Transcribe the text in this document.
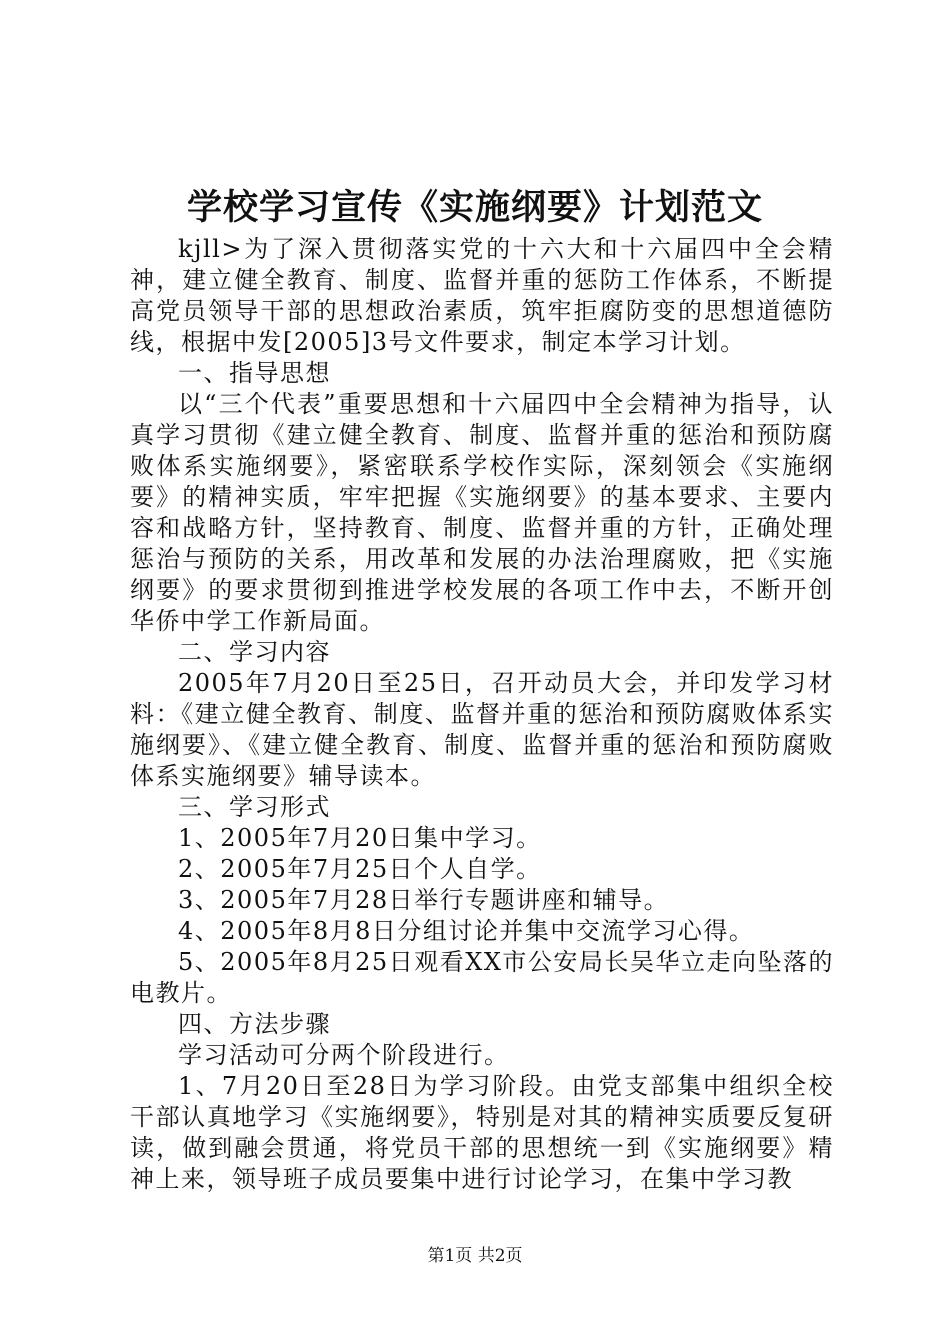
学校学习宣传《实施纲要》计划范文

kjll>为了深入贯彻落实党的十六大和十六届四中全会精神，建立健全教育、制度、监督并重的惩防工作体系，不断提高党员领导干部的思想政治素质，筑牢拒腐防变的思想道德防线，根据中发[2005]3号文件要求，制定本学习计划。

一、指导思想

以“三个代表”重要思想和十六届四中全会精神为指导，认真学习贯彻《建立健全教育、制度、监督并重的惩治和预防腐败体系实施纲要》，紧密联系学校作实际，深刻领会《实施纲要》的精神实质，牢牢把握《实施纲要》的基本要求、主要内容和战略方针，坚持教育、制度、监督并重的方针，正确处理惩治与预防的关系，用改革和发展的办法治理腐败，把《实施纲要》的要求贯彻到推进学校发展的各项工作中去，不断开创华侨中学工作新局面。

二、学习内容

2005年7月20日至25日，召开动员大会，并印发学习材料：《建立健全教育、制度、监督并重的惩治和预防腐败体系实施纲要》、《建立健全教育、制度、监督并重的惩治和预防腐败体系实施纲要》辅导读本。

三、学习形式

1、2005年7月20日集中学习。

2、2005年7月25日个人自学。

3、2005年7月28日举行专题讲座和辅导。

4、2005年8月8日分组讨论并集中交流学习心得。

5、2005年8月25日观看XX市公安局长吴华立走向坠落的电教片。

四、方法步骤

学习活动可分两个阶段进行。

1、7月20日至28日为学习阶段。由党支部集中组织全校干部认真地学习《实施纲要》，特别是对其的精神实质要反复研读，做到融会贯通，将党员干部的思想统一到《实施纲要》精神上来，领导班子成员要集中进行讨论学习，在集中学习教

第1页 共2页
